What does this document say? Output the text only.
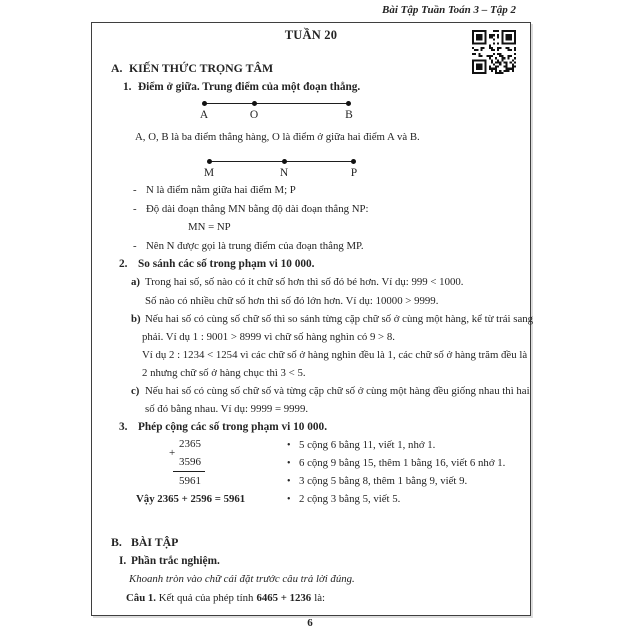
Bài Tập Tuần Toán 3 – Tập 2
TUẦN 20
A. KIẾN THỨC TRỌNG TÂM
1. Điểm ở giữa. Trung điểm của một đoạn thẳng.
A	O	B
A, O, B là ba điểm thẳng hàng, O là điểm ở giữa hai điểm A và B.
M	N	P
- N là điểm nằm giữa hai điểm M; P
- Độ dài đoạn thẳng MN bằng độ dài đoạn thẳng NP:
MN = NP
- Nên N được gọi là trung điểm của đoạn thẳng MP.
2. So sánh các số trong phạm vi 10 000.
a) Trong hai số, số nào có ít chữ số hơn thì số đó bé hơn. Ví dụ: 999 < 1000.
Số nào có nhiều chữ số hơn thì số đó lớn hơn. Ví dụ: 10000 > 9999.
b) Nếu hai số có cùng số chữ số thì so sánh từng cặp chữ số ở cùng một hàng, kể từ trái sang
phải. Ví dụ 1 : 9001 > 8999 vì chữ số hàng nghìn có 9 > 8.
Ví dụ 2 : 1234 < 1254 vì các chữ số ở hàng nghìn đều là 1, các chữ số ở hàng trăm đều là
2 nhưng chữ số ở hàng chục thì 3 < 5.
c) Nếu hai số có cùng số chữ số và từng cặp chữ số ở cùng một hàng đều giống nhau thì hai
số đó bằng nhau. Ví dụ: 9999 = 9999.
3. Phép cộng các số trong phạm vi 10 000.
+
2365
3596
5961
Vậy 2365 + 2596 = 5961
• 5 cộng 6 bằng 11, viết 1, nhớ 1.
• 6 cộng 9 bằng 15, thêm 1 bằng 16, viết 6 nhớ 1.
• 3 cộng 5 bằng 8, thêm 1 bằng 9, viết 9.
• 2 cộng 3 bằng 5, viết 5.
B. BÀI TẬP
I. Phần trắc nghiệm.
Khoanh tròn vào chữ cái đặt trước câu trả lời đúng.
Câu 1. Kết quả của phép tính 6465 + 1236 là:
6
